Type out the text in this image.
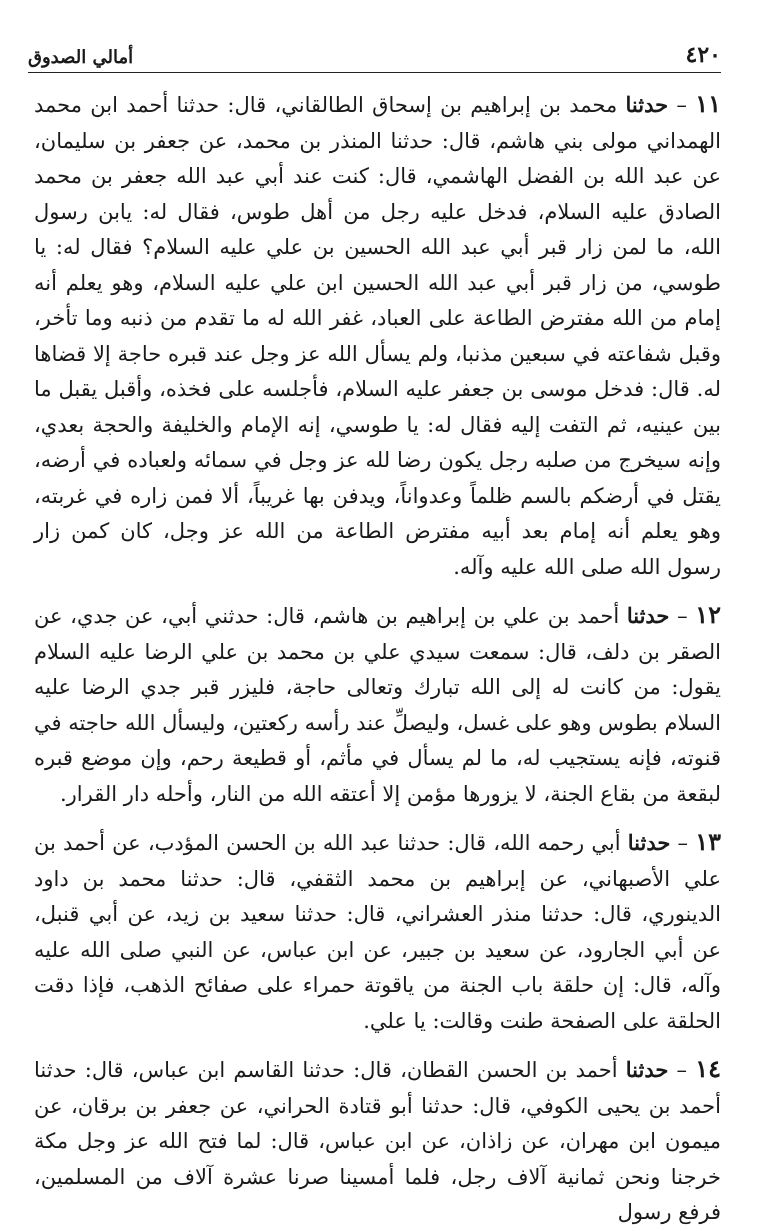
٤٢٠
أمالي الصدوق

١١ – حدثنا محمد بن إبراهيم بن إسحاق الطالقاني، قال: حدثنا أحمد ابن محمد الهمداني مولى بني هاشم، قال: حدثنا المنذر بن محمد، عن جعفر بن سليمان، عن عبد الله بن الفضل الهاشمي، قال: كنت عند أبي عبد الله جعفر بن محمد الصادق عليه السلام، فدخل عليه رجل من أهل طوس، فقال له: يابن رسول الله، ما لمن زار قبر أبي عبد الله الحسين بن علي عليه السلام؟ فقال له: يا طوسي، من زار قبر أبي عبد الله الحسين ابن علي عليه السلام، وهو يعلم أنه إمام من الله مفترض الطاعة على العباد، غفر الله له ما تقدم من ذنبه وما تأخر، وقبل شفاعته في سبعين مذنبا، ولم يسأل الله عز وجل عند قبره حاجة إلا قضاها له. قال: فدخل موسى بن جعفر عليه السلام، فأجلسه على فخذه، وأقبل يقبل ما بين عينيه، ثم التفت إليه فقال له: يا طوسي، إنه الإمام والخليفة والحجة بعدي، وإنه سيخرج من صلبه رجل يكون رضا لله عز وجل في سمائه ولعباده في أرضه، يقتل في أرضكم بالسم ظلماً وعدواناً، ويدفن بها غريباً، ألا فمن زاره في غربته، وهو يعلم أنه إمام بعد أبيه مفترض الطاعة من الله عز وجل، كان كمن زار رسول الله صلى الله عليه وآله.

١٢ – حدثنا أحمد بن علي بن إبراهيم بن هاشم، قال: حدثني أبي، عن جدي، عن الصقر بن دلف، قال: سمعت سيدي علي بن محمد بن علي الرضا عليه السلام يقول: من كانت له إلى الله تبارك وتعالى حاجة، فليزر قبر جدي الرضا عليه السلام بطوس وهو على غسل، وليصلِّ عند رأسه ركعتين، وليسأل الله حاجته في قنوته، فإنه يستجيب له، ما لم يسأل في مأثم، أو قطيعة رحم، وإن موضع قبره لبقعة من بقاع الجنة، لا يزورها مؤمن إلا أعتقه الله من النار، وأحله دار القرار.

١٣ – حدثنا أبي رحمه الله، قال: حدثنا عبد الله بن الحسن المؤدب، عن أحمد بن علي الأصبهاني، عن إبراهيم بن محمد الثقفي، قال: حدثنا محمد بن داود الدينوري، قال: حدثنا منذر العشراني، قال: حدثنا سعيد بن زيد، عن أبي قنبل، عن أبي الجارود، عن سعيد بن جبير، عن ابن عباس، عن النبي صلى الله عليه وآله، قال: إن حلقة باب الجنة من ياقوتة حمراء على صفائح الذهب، فإذا دقت الحلقة على الصفحة طنت وقالت: يا علي.

١٤ – حدثنا أحمد بن الحسن القطان، قال: حدثنا القاسم ابن عباس، قال: حدثنا أحمد بن يحيى الكوفي، قال: حدثنا أبو قتادة الحراني، عن جعفر بن برقان، عن ميمون ابن مهران، عن زاذان، عن ابن عباس، قال: لما فتح الله عز وجل مكة خرجنا ونحن ثمانية آلاف رجل، فلما أمسينا صرنا عشرة آلاف من المسلمين، فرفع رسول
